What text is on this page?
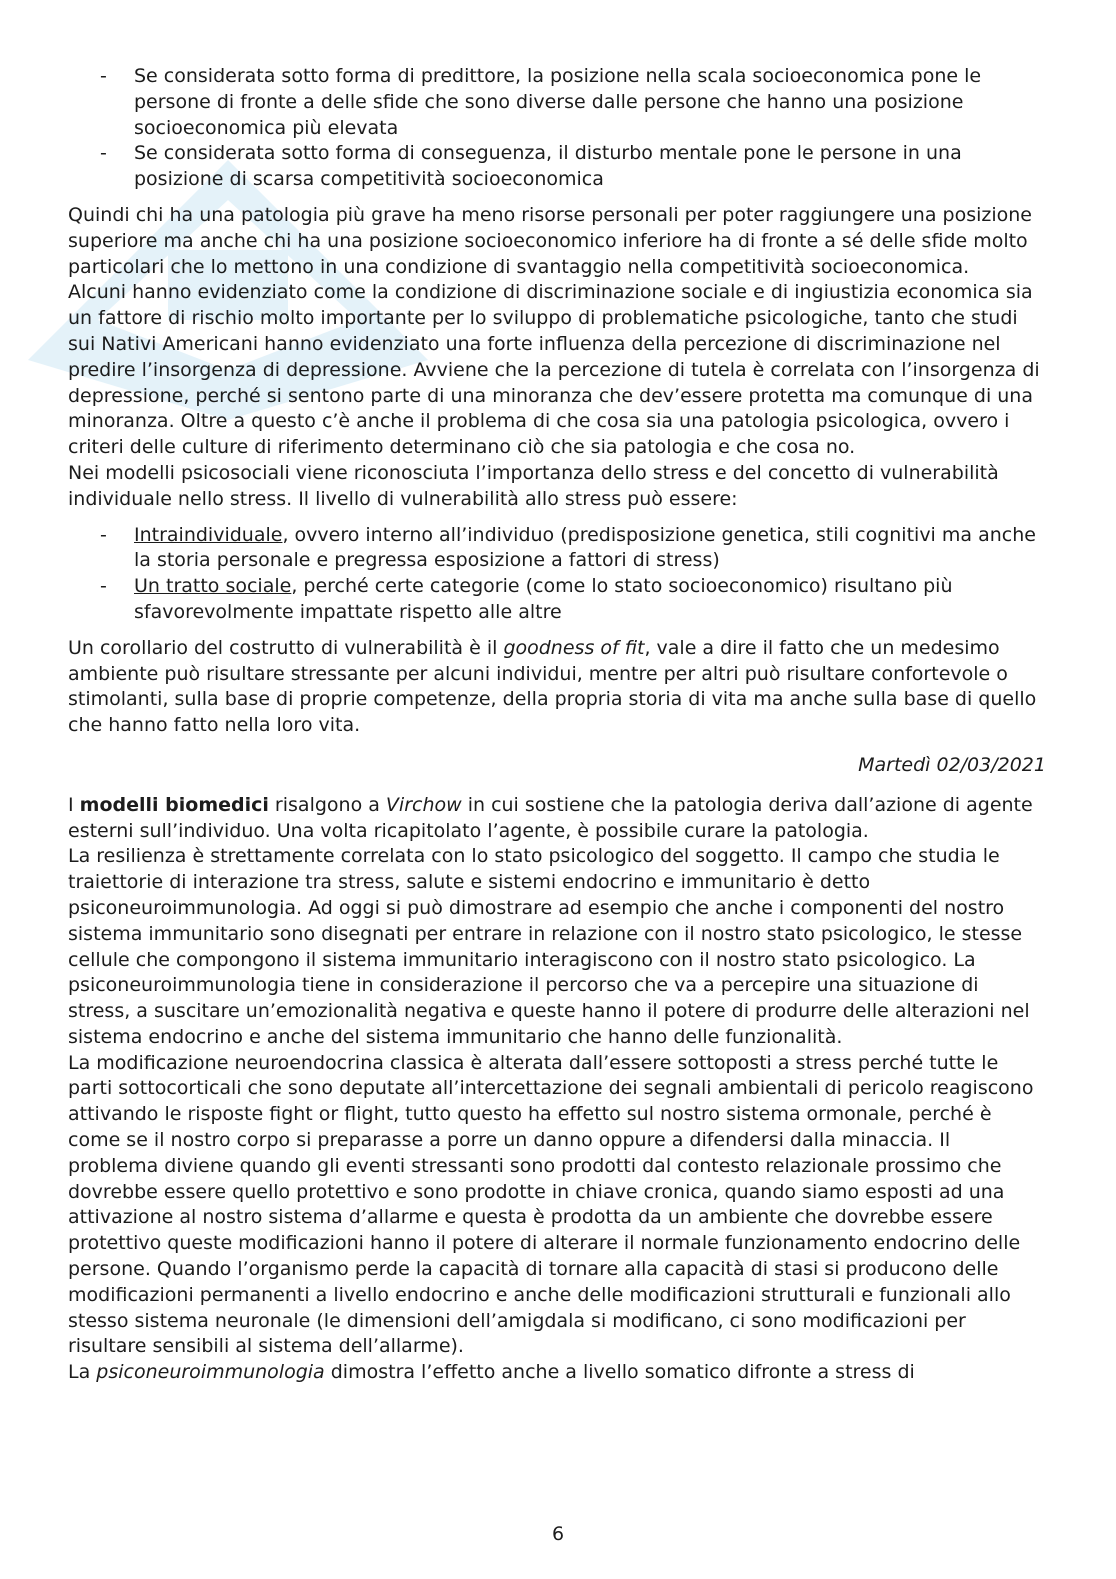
- Se considerata sotto forma di predittore, la posizione nella scala socioeconomica pone le persone di fronte a delle sfide che sono diverse dalle persone che hanno una posizione socioeconomica più elevata
- Se considerata sotto forma di conseguenza, il disturbo mentale pone le persone in una posizione di scarsa competitività socioeconomica

Quindi chi ha una patologia più grave ha meno risorse personali per poter raggiungere una posizione superiore ma anche chi ha una posizione socioeconomico inferiore ha di fronte a sé delle sfide molto particolari che lo mettono in una condizione di svantaggio nella competitività socioeconomica.

Alcuni hanno evidenziato come la condizione di discriminazione sociale e di ingiustizia economica sia un fattore di rischio molto importante per lo sviluppo di problematiche psicologiche, tanto che studi sui Nativi Americani hanno evidenziato una forte influenza della percezione di discriminazione nel predire l’insorgenza di depressione. Avviene che la percezione di tutela è correlata con l’insorgenza di depressione, perché si sentono parte di una minoranza che dev’essere protetta ma comunque di una minoranza. Oltre a questo c’è anche il problema di che cosa sia una patologia psicologica, ovvero i criteri delle culture di riferimento determinano ciò che sia patologia e che cosa no.

Nei modelli psicosociali viene riconosciuta l’importanza dello stress e del concetto di vulnerabilità individuale nello stress. Il livello di vulnerabilità allo stress può essere:

- Intraindividuale, ovvero interno all’individuo (predisposizione genetica, stili cognitivi ma anche la storia personale e pregressa esposizione a fattori di stress)
- Un tratto sociale, perché certe categorie (come lo stato socioeconomico) risultano più sfavorevolmente impattate rispetto alle altre

Un corollario del costrutto di vulnerabilità è il goodness of fit, vale a dire il fatto che un medesimo ambiente può risultare stressante per alcuni individui, mentre per altri può risultare confortevole o stimolanti, sulla base di proprie competenze, della propria storia di vita ma anche sulla base di quello che hanno fatto nella loro vita.

Martedì 02/03/2021

I modelli biomedici risalgono a Virchow in cui sostiene che la patologia deriva dall’azione di agente esterni sull’individuo. Una volta ricapitolato l’agente, è possibile curare la patologia.

La resilienza è strettamente correlata con lo stato psicologico del soggetto. Il campo che studia le traiettorie di interazione tra stress, salute e sistemi endocrino e immunitario è detto psiconeuroimmunologia. Ad oggi si può dimostrare ad esempio che anche i componenti del nostro sistema immunitario sono disegnati per entrare in relazione con il nostro stato psicologico, le stesse cellule che compongono il sistema immunitario interagiscono con il nostro stato psicologico. La psiconeuroimmunologia tiene in considerazione il percorso che va a percepire una situazione di stress, a suscitare un’emozionalità negativa e queste hanno il potere di produrre delle alterazioni nel sistema endocrino e anche del sistema immunitario che hanno delle funzionalità.

La modificazione neuroendocrina classica è alterata dall’essere sottoposti a stress perché tutte le parti sottocorticali che sono deputate all’intercettazione dei segnali ambientali di pericolo reagiscono attivando le risposte fight or flight, tutto questo ha effetto sul nostro sistema ormonale, perché è come se il nostro corpo si preparasse a porre un danno oppure a difendersi dalla minaccia. Il problema diviene quando gli eventi stressanti sono prodotti dal contesto relazionale prossimo che dovrebbe essere quello protettivo e sono prodotte in chiave cronica, quando siamo esposti ad una attivazione al nostro sistema d’allarme e questa è prodotta da un ambiente che dovrebbe essere protettivo queste modificazioni hanno il potere di alterare il normale funzionamento endocrino delle persone. Quando l’organismo perde la capacità di tornare alla capacità di stasi si producono delle modificazioni permanenti a livello endocrino e anche delle modificazioni strutturali e funzionali allo stesso sistema neuronale (le dimensioni dell’amigdala si modificano, ci sono modificazioni per risultare sensibili al sistema dell’allarme).

La psiconeuroimmunologia dimostra l’effetto anche a livello somatico difronte a stress di

6
